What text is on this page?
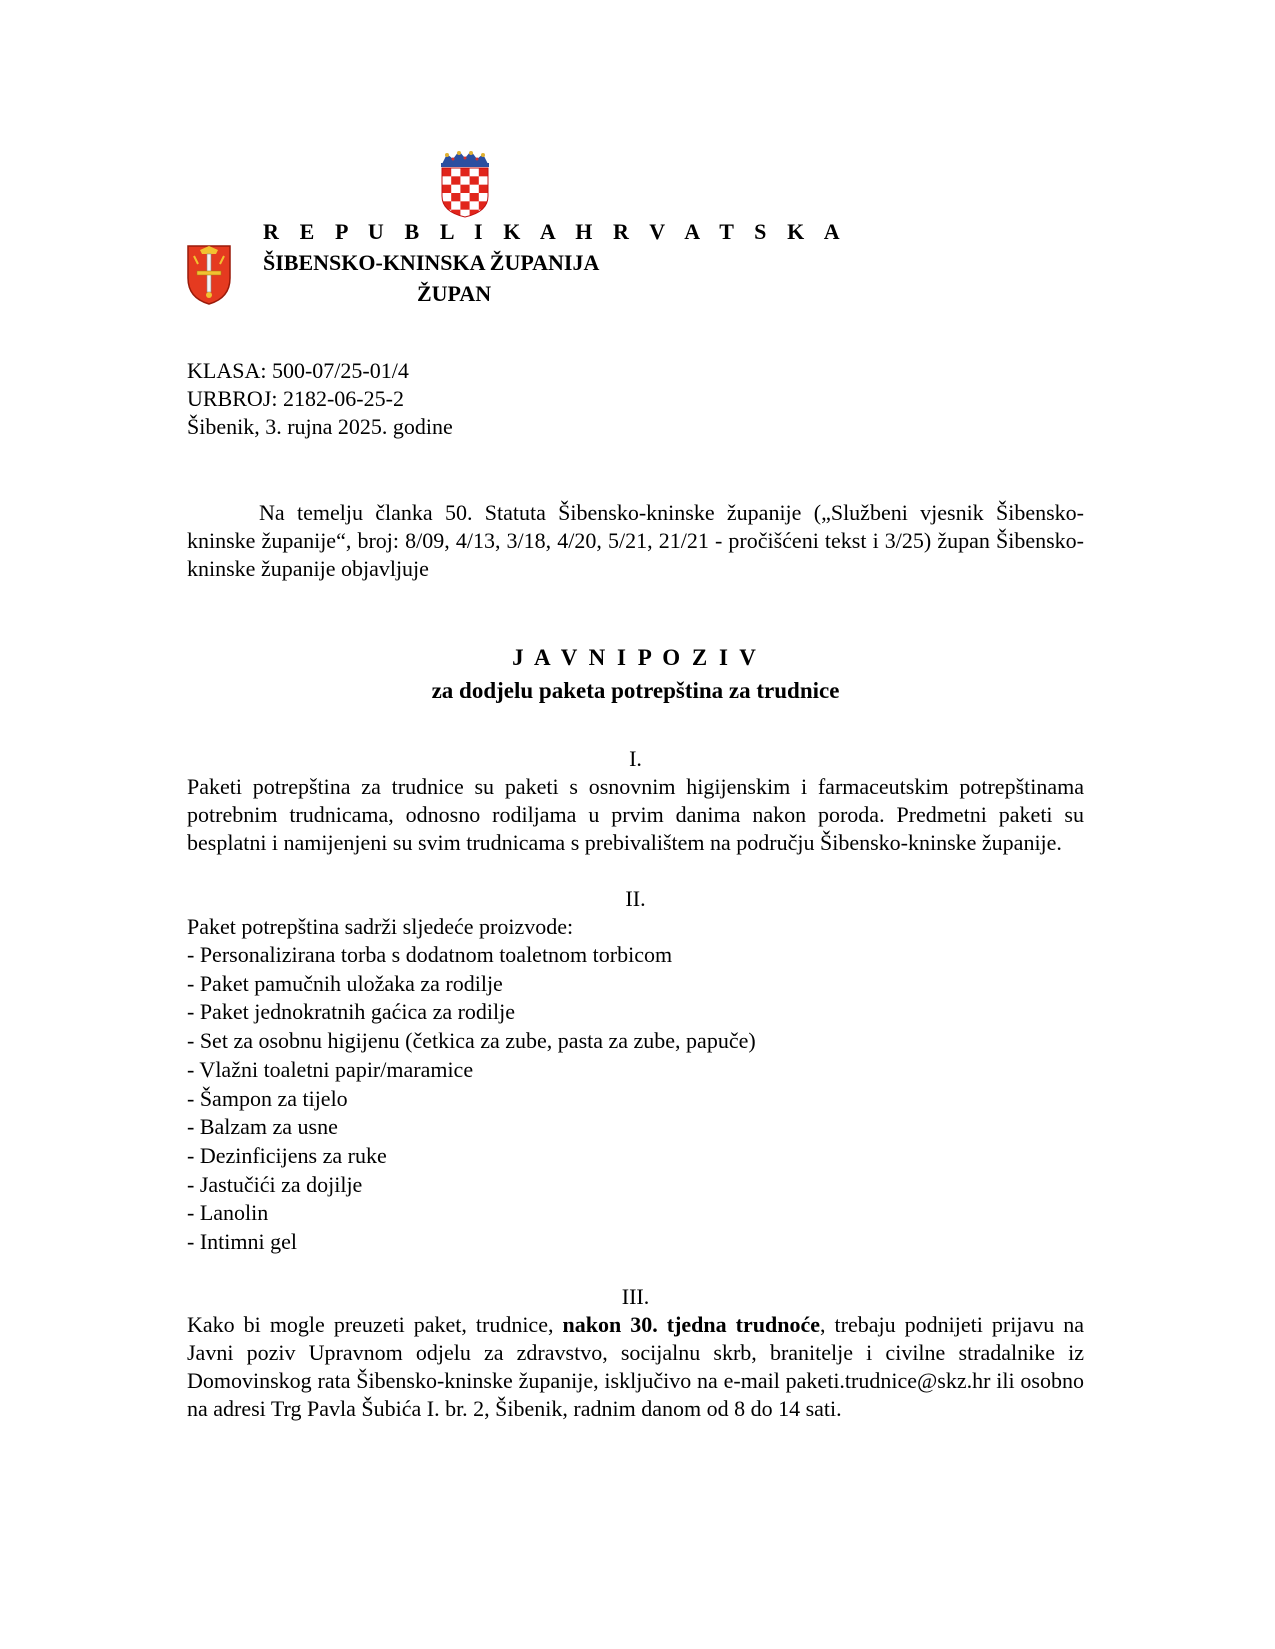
R E P U B L I K A H R V A T S K A

ŠIBENSKO-KNINSKA ŽUPANIJA

ŽUPAN

KLASA: 500-07/25-01/4

URBROJ: 2182-06-25-2

Šibenik, 3. rujna 2025. godine

Na temelju članka 50. Statuta Šibensko-kninske županije („Službeni vjesnik Šibensko-kninske županije“, broj: 8/09, 4/13, 3/18, 4/20, 5/21, 21/21 - pročišćeni tekst i 3/25) župan Šibensko-kninske županije objavljuje

J A V N I P O Z I V

za dodjelu paketa potrepština za trudnice

I.

Paketi potrepština za trudnice su paketi s osnovnim higijenskim i farmaceutskim potrepštinama potrebnim trudnicama, odnosno rodiljama u prvim danima nakon poroda. Predmetni paketi su besplatni i namijenjeni su svim trudnicama s prebivalištem na području Šibensko-kninske županije.

II.

Paket potrepština sadrži sljedeće proizvode:

- Personalizirana torba s dodatnom toaletnom torbicom
- Paket pamučnih uložaka za rodilje
- Paket jednokratnih gaćica za rodilje
- Set za osobnu higijenu (četkica za zube, pasta za zube, papuče)
- Vlažni toaletni papir/maramice
- Šampon za tijelo
- Balzam za usne
- Dezinficijens za ruke
- Jastučići za dojilje
- Lanolin
- Intimni gel

III.

Kako bi mogle preuzeti paket, trudnice, nakon 30. tjedna trudnoće, trebaju podnijeti prijavu na Javni poziv Upravnom odjelu za zdravstvo, socijalnu skrb, branitelje i civilne stradalnike iz Domovinskog rata Šibensko-kninske županije, isključivo na e-mail paketi.trudnice@skz.hr ili osobno na adresi Trg Pavla Šubića I. br. 2, Šibenik, radnim danom od 8 do 14 sati.
